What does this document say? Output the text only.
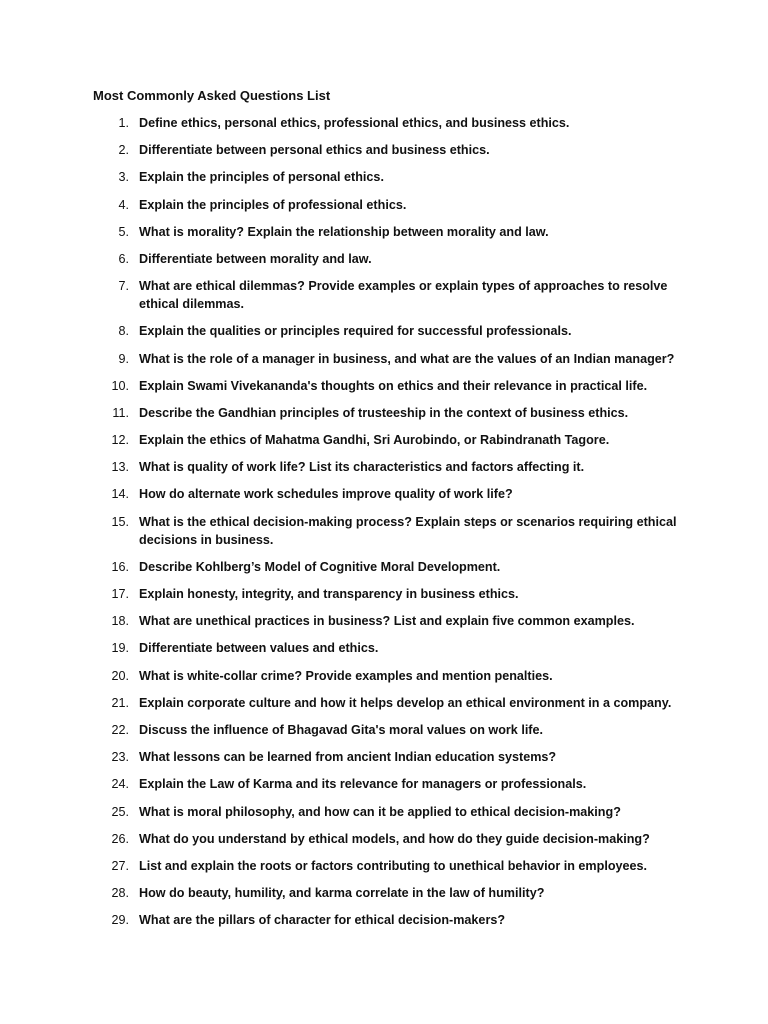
Most Commonly Asked Questions List
1. Define ethics, personal ethics, professional ethics, and business ethics.
2. Differentiate between personal ethics and business ethics.
3. Explain the principles of personal ethics.
4. Explain the principles of professional ethics.
5. What is morality? Explain the relationship between morality and law.
6. Differentiate between morality and law.
7. What are ethical dilemmas? Provide examples or explain types of approaches to resolve ethical dilemmas.
8. Explain the qualities or principles required for successful professionals.
9. What is the role of a manager in business, and what are the values of an Indian manager?
10. Explain Swami Vivekananda's thoughts on ethics and their relevance in practical life.
11. Describe the Gandhian principles of trusteeship in the context of business ethics.
12. Explain the ethics of Mahatma Gandhi, Sri Aurobindo, or Rabindranath Tagore.
13. What is quality of work life? List its characteristics and factors affecting it.
14. How do alternate work schedules improve quality of work life?
15. What is the ethical decision-making process? Explain steps or scenarios requiring ethical decisions in business.
16. Describe Kohlberg’s Model of Cognitive Moral Development.
17. Explain honesty, integrity, and transparency in business ethics.
18. What are unethical practices in business? List and explain five common examples.
19. Differentiate between values and ethics.
20. What is white-collar crime? Provide examples and mention penalties.
21. Explain corporate culture and how it helps develop an ethical environment in a company.
22. Discuss the influence of Bhagavad Gita's moral values on work life.
23. What lessons can be learned from ancient Indian education systems?
24. Explain the Law of Karma and its relevance for managers or professionals.
25. What is moral philosophy, and how can it be applied to ethical decision-making?
26. What do you understand by ethical models, and how do they guide decision-making?
27. List and explain the roots or factors contributing to unethical behavior in employees.
28. How do beauty, humility, and karma correlate in the law of humility?
29. What are the pillars of character for ethical decision-makers?
